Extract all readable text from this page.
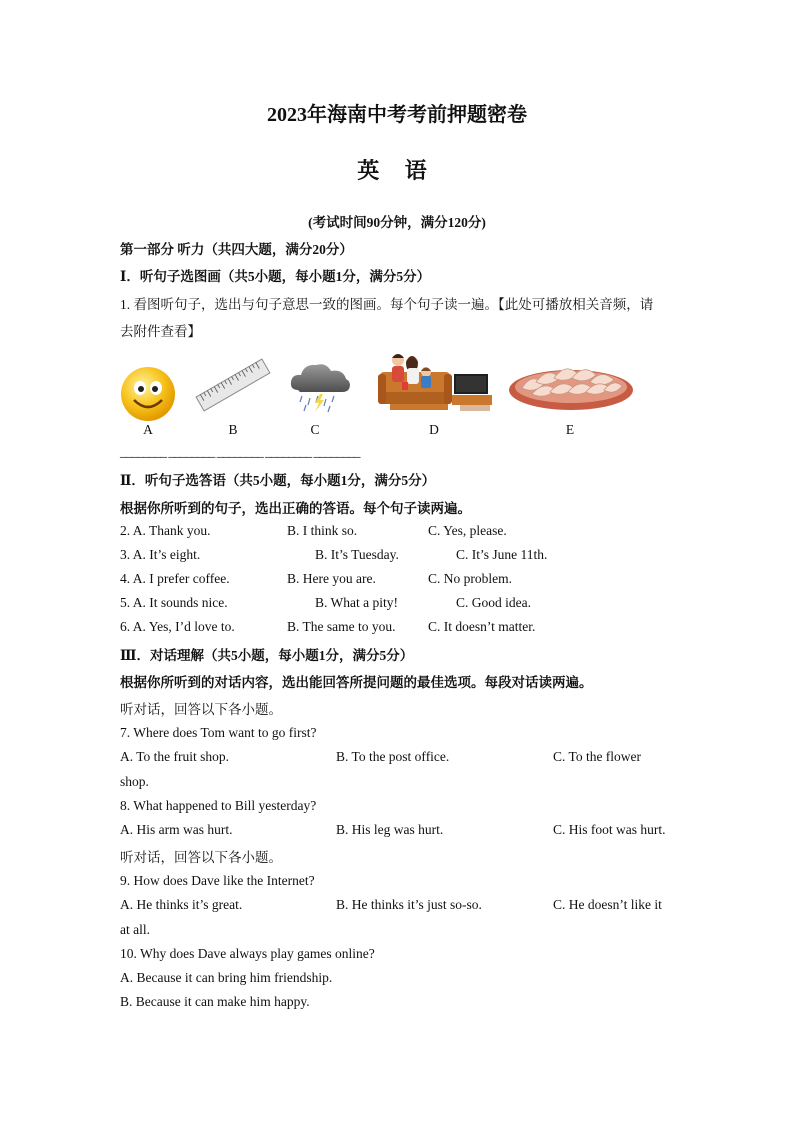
2023年海南中考考前押题密卷
英 语
(考试时间90分钟，满分120分)
第一部分 听力（共四大题，满分20分）
Ⅰ．听句子选图画（共5小题，每小题1分，满分5分）
1. 看图听句子，选出与句子意思一致的图画。每个句子读一遍。【此处可播放相关音频，请
去附件查看】
A	B	C	D	E
________ ________ ________ ________ ________
Ⅱ．听句子选答语（共5小题，每小题1分，满分5分）
根据你所听到的句子，选出正确的答语。每个句子读两遍。
2. A. Thank you.	B. I think so.	C. Yes, please.
3. A. It’s eight.	B. It’s Tuesday.	C. It’s June 11th.
4. A. I prefer coffee.	B. Here you are.	C. No problem.
5. A. It sounds nice.	B. What a pity!	C. Good idea.
6. A. Yes, I’d love to.	B. The same to you. C. It doesn’t matter.
Ⅲ．对话理解（共5小题，每小题1分，满分5分）
根据你所听到的对话内容，选出能回答所提问题的最佳选项。每段对话读两遍。
听对话，回答以下各小题。
7. Where does Tom want to go first?
A. To the fruit shop.	B. To the post office.	C. To the flower
shop.
8. What happened to Bill yesterday?
A. His arm was hurt.	B. His leg was hurt.	C. His foot was hurt.
听对话，回答以下各小题。
9. How does Dave like the Internet?
A. He thinks it’s great.	B. He thinks it’s just so-so.	C. He doesn’t like it
at all.
10. Why does Dave always play games online?
A. Because it can bring him friendship.
B. Because it can make him happy.
